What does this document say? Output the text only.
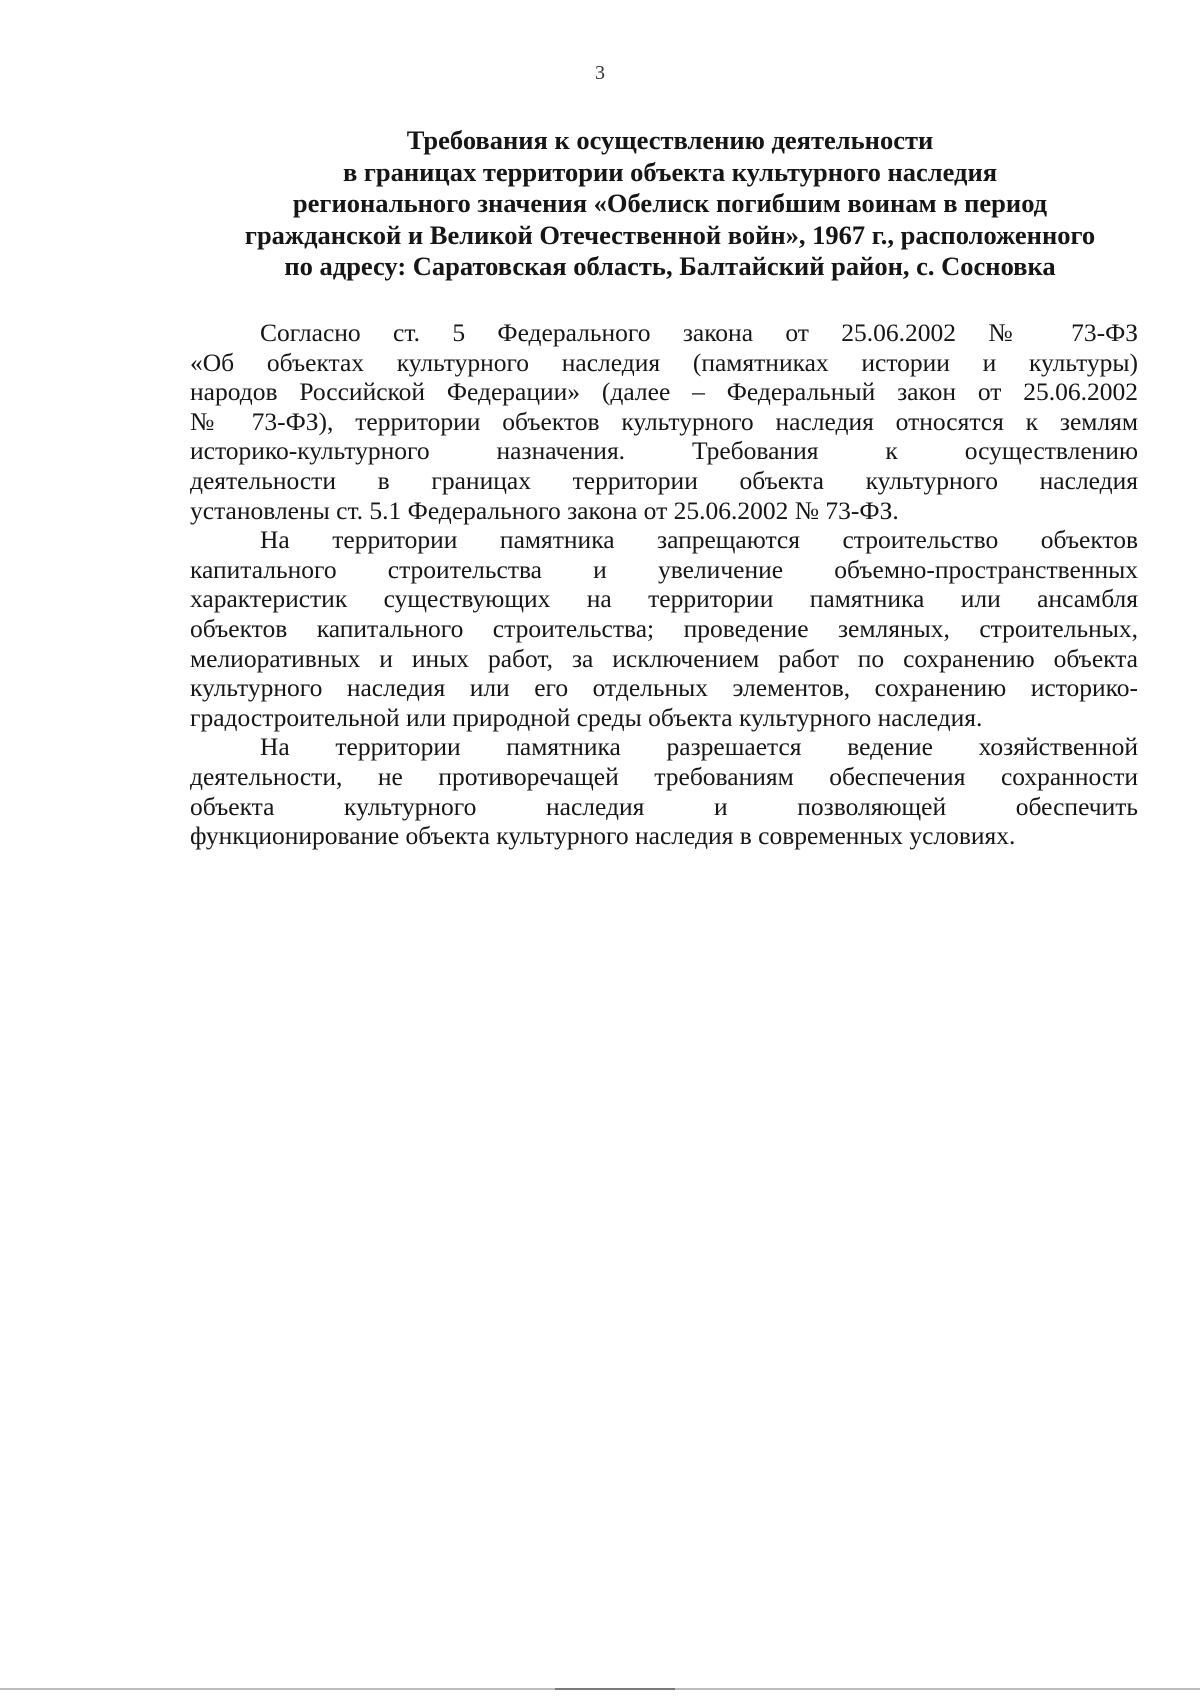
3
Требования к осуществлению деятельности
в границах территории объекта культурного наследия
регионального значения «Обелиск погибшим воинам в период
гражданской и Великой Отечественной войн», 1967 г., расположенного
по адресу: Саратовская область, Балтайский район, с. Сосновка
Согласно ст. 5 Федерального закона от 25.06.2002 № 73-ФЗ
«Об объектах культурного наследия (памятниках истории и культуры)
народов Российской Федерации» (далее – Федеральный закон от 25.06.2002
№ 73-ФЗ), территории объектов культурного наследия относятся к землям
историко-культурного назначения. Требования к осуществлению
деятельности в границах территории объекта культурного наследия
установлены ст. 5.1 Федерального закона от 25.06.2002 № 73-ФЗ.
На территории памятника запрещаются строительство объектов
капитального строительства и увеличение объемно-пространственных
характеристик существующих на территории памятника или ансамбля
объектов капитального строительства; проведение земляных, строительных,
мелиоративных и иных работ, за исключением работ по сохранению объекта
культурного наследия или его отдельных элементов, сохранению историко-
градостроительной или природной среды объекта культурного наследия.
На территории памятника разрешается ведение хозяйственной
деятельности, не противоречащей требованиям обеспечения сохранности
объекта культурного наследия и позволяющей обеспечить
функционирование объекта культурного наследия в современных условиях.
